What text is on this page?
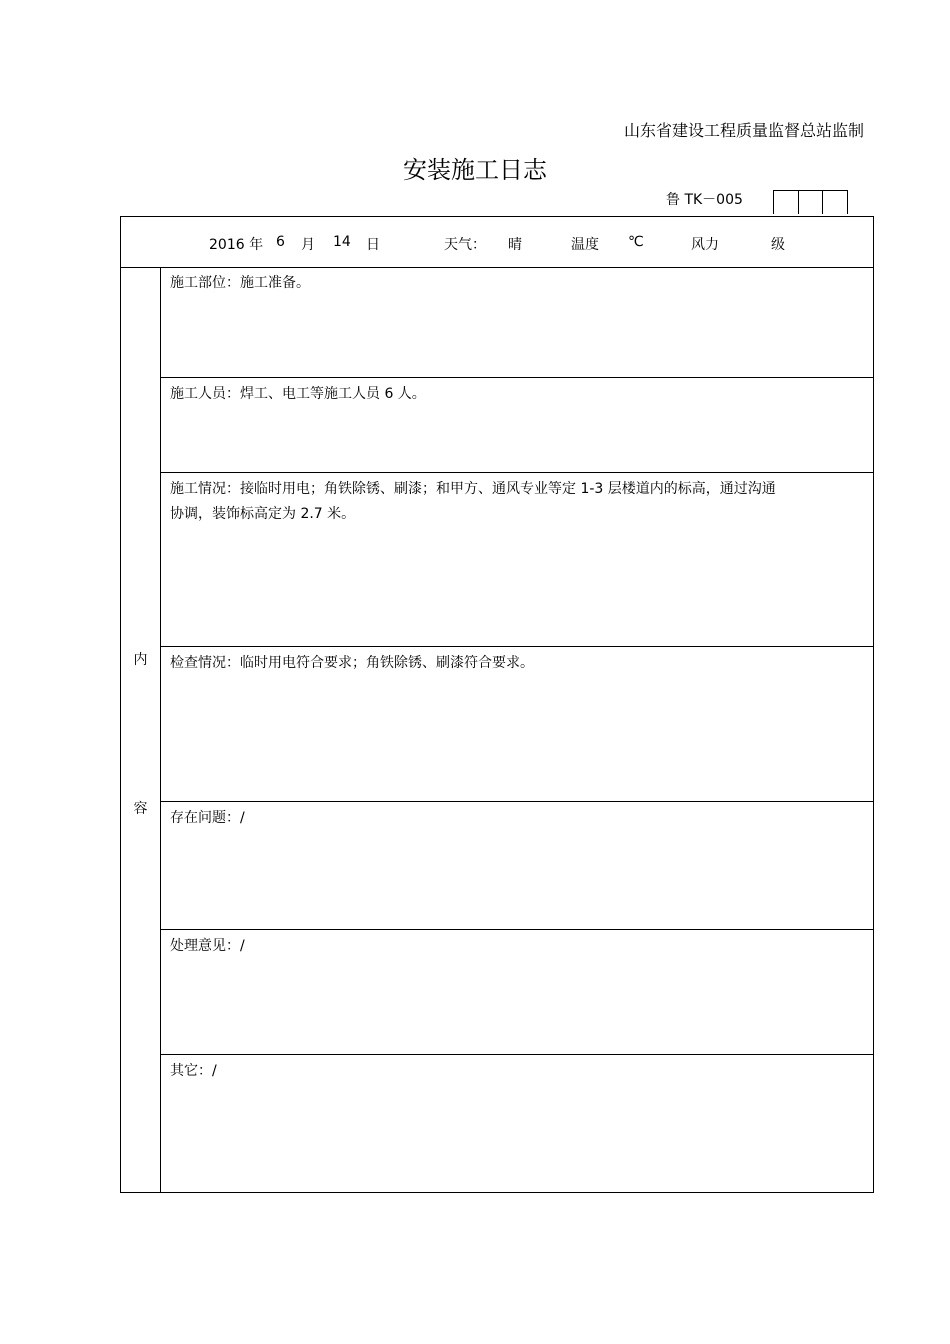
山东省建设工程质量监督总站监制
安装施工日志
鲁 TK－005
2016 年 6 月 14 日	天气： 晴	温度 ℃	风力	级
内
容

施工部位：施工准备。

施工人员：焊工、电工等施工人员 6 人。

施工情况：接临时用电；角铁除锈、刷漆；和甲方、通风专业等定 1-3 层楼道内的标高，通过沟通

协调，装饰标高定为 2.7 米。

检查情况：临时用电符合要求；角铁除锈、刷漆符合要求。

存在问题：/

处理意见：/

其它：/
